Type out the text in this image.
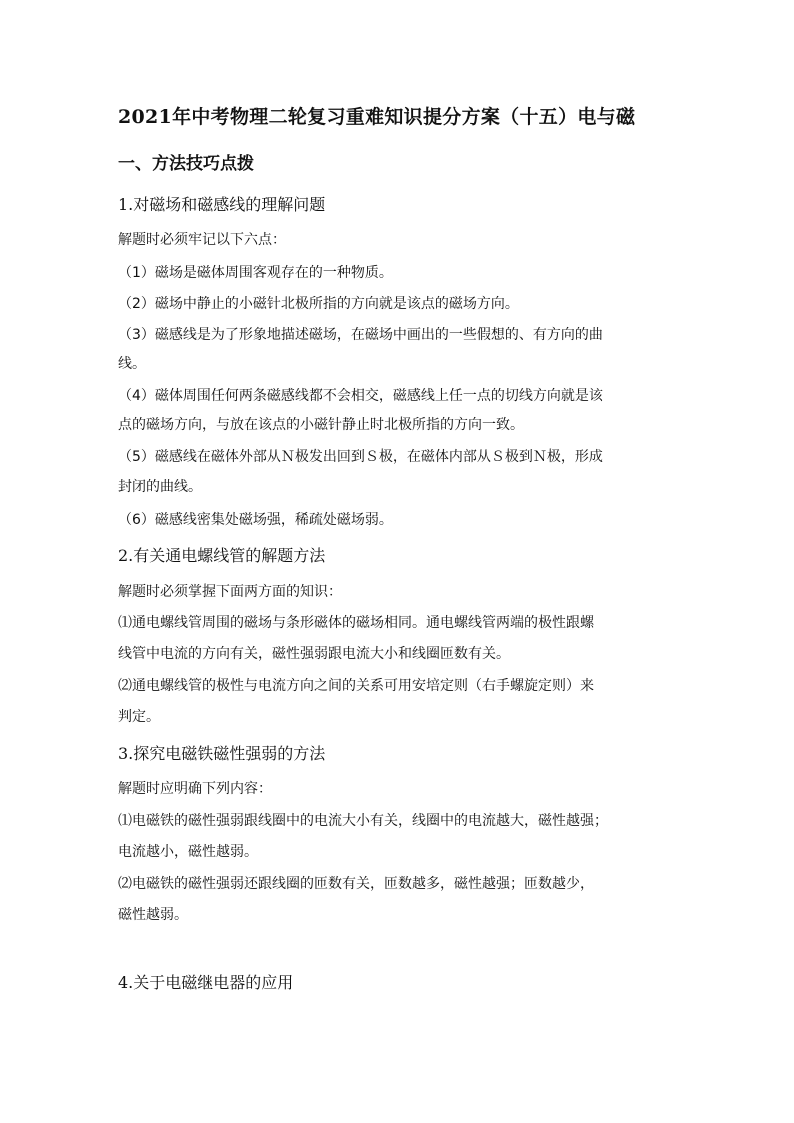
2021年中考物理二轮复习重难知识提分方案（十五）电与磁
一、方法技巧点拨
1.对磁场和磁感线的理解问题
解题时必须牢记以下六点：
（1）磁场是磁体周围客观存在的一种物质。
（2）磁场中静止的小磁针北极所指的方向就是该点的磁场方向。
（3）磁感线是为了形象地描述磁场，在磁场中画出的一些假想的、有方向的曲
线。
（4）磁体周围任何两条磁感线都不会相交，磁感线上任一点的切线方向就是该
点的磁场方向，与放在该点的小磁针静止时北极所指的方向一致。
（5）磁感线在磁体外部从Ｎ极发出回到Ｓ极，在磁体内部从Ｓ极到Ｎ极，形成
封闭的曲线。
（6）磁感线密集处磁场强，稀疏处磁场弱。
2.有关通电螺线管的解题方法
解题时必须掌握下面两方面的知识：
⑴通电螺线管周围的磁场与条形磁体的磁场相同。通电螺线管两端的极性跟螺
线管中电流的方向有关，磁性强弱跟电流大小和线圈匝数有关。
⑵通电螺线管的极性与电流方向之间的关系可用安培定则（右手螺旋定则）来
判定。
3.探究电磁铁磁性强弱的方法
解题时应明确下列内容：
⑴电磁铁的磁性强弱跟线圈中的电流大小有关，线圈中的电流越大，磁性越强；
电流越小，磁性越弱。
⑵电磁铁的磁性强弱还跟线圈的匝数有关，匝数越多，磁性越强；匝数越少，
磁性越弱。
4.关于电磁继电器的应用
